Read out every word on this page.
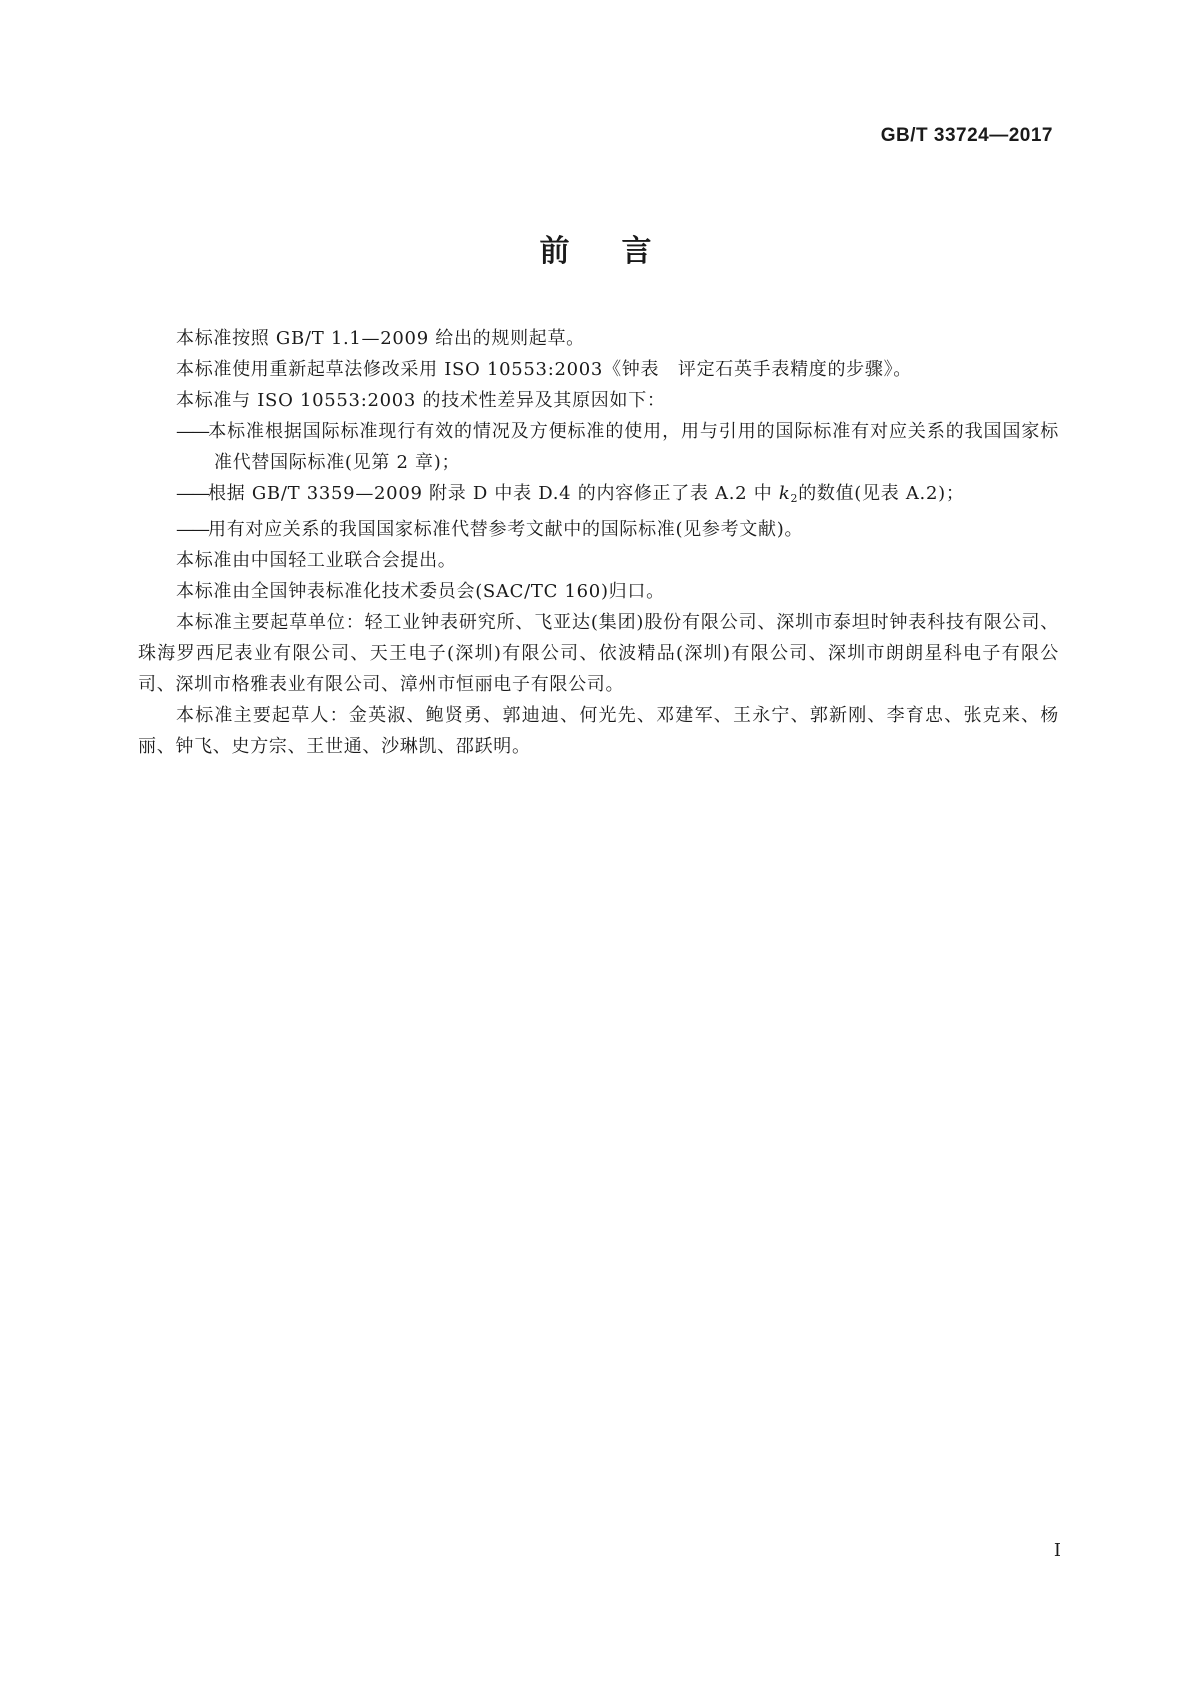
GB/T 33724—2017
前言

本标准按照 GB/T 1.1—2009 给出的规则起草。

本标准使用重新起草法修改采用 ISO 10553:2003《钟表　评定石英手表精度的步骤》。

本标准与 ISO 10553:2003 的技术性差异及其原因如下：

——本标准根据国际标准现行有效的情况及方便标准的使用，用与引用的国际标准有对应关系的我国国家标准代替国际标准(见第 2 章)；

——根据 GB/T 3359—2009 附录 D 中表 D.4 的内容修正了表 A.2 中 $k_2$的数值(见表 A.2)；

——用有对应关系的我国国家标准代替参考文献中的国际标准(见参考文献)。

本标准由中国轻工业联合会提出。

本标准由全国钟表标准化技术委员会(SAC/TC 160)归口。

本标准主要起草单位：轻工业钟表研究所、飞亚达(集团)股份有限公司、深圳市泰坦时钟表科技有限公司、珠海罗西尼表业有限公司、天王电子(深圳)有限公司、依波精品(深圳)有限公司、深圳市朗朗星科电子有限公司、深圳市格雅表业有限公司、漳州市恒丽电子有限公司。

本标准主要起草人：金英淑、鲍贤勇、郭迪迪、何光先、邓建军、王永宁、郭新刚、李育忠、张克来、杨丽、钟飞、史方宗、王世通、沙琳凯、邵跃明。

I
